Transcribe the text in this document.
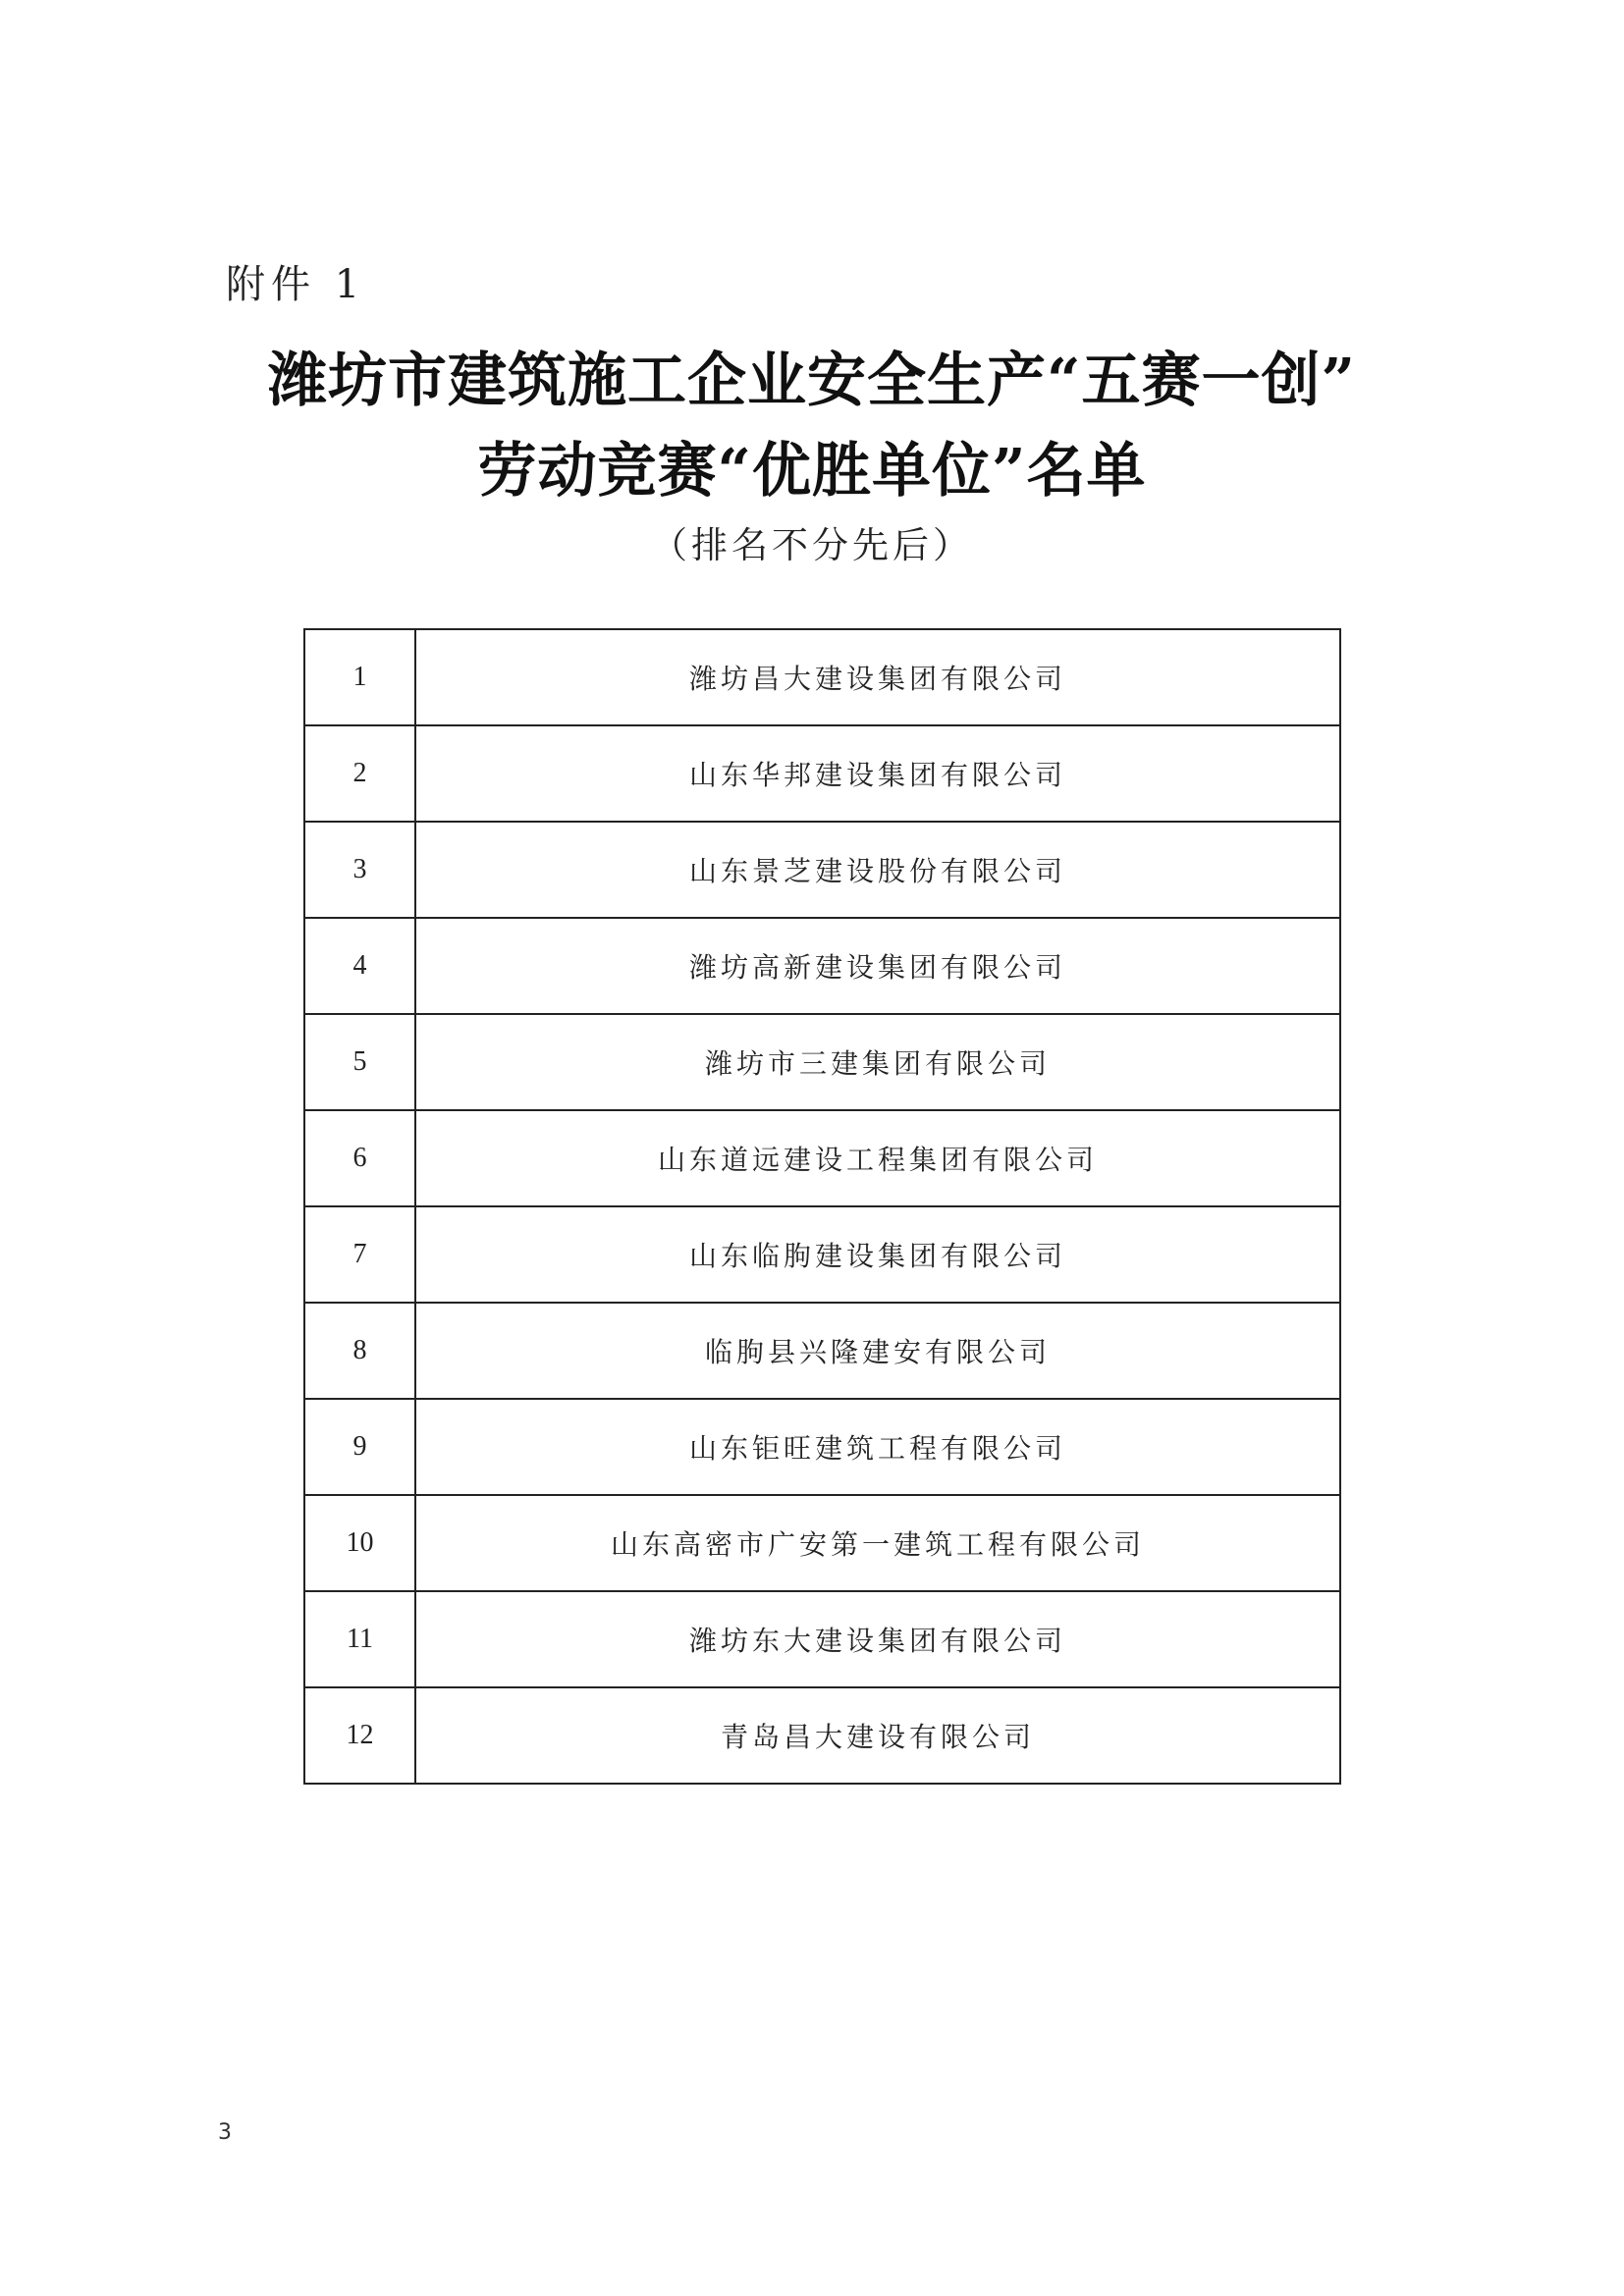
附件 1
潍坊市建筑施工企业安全生产“五赛一创”
劳动竞赛“优胜单位”名单
（排名不分先后）
1	潍坊昌大建设集团有限公司
2	山东华邦建设集团有限公司
3	山东景芝建设股份有限公司
4	潍坊高新建设集团有限公司
5	潍坊市三建集团有限公司
6	山东道远建设工程集团有限公司
7	山东临朐建设集团有限公司
8	临朐县兴隆建安有限公司
9	山东钜旺建筑工程有限公司
10	山东高密市广安第一建筑工程有限公司
11	潍坊东大建设集团有限公司
12	青岛昌大建设有限公司
3
